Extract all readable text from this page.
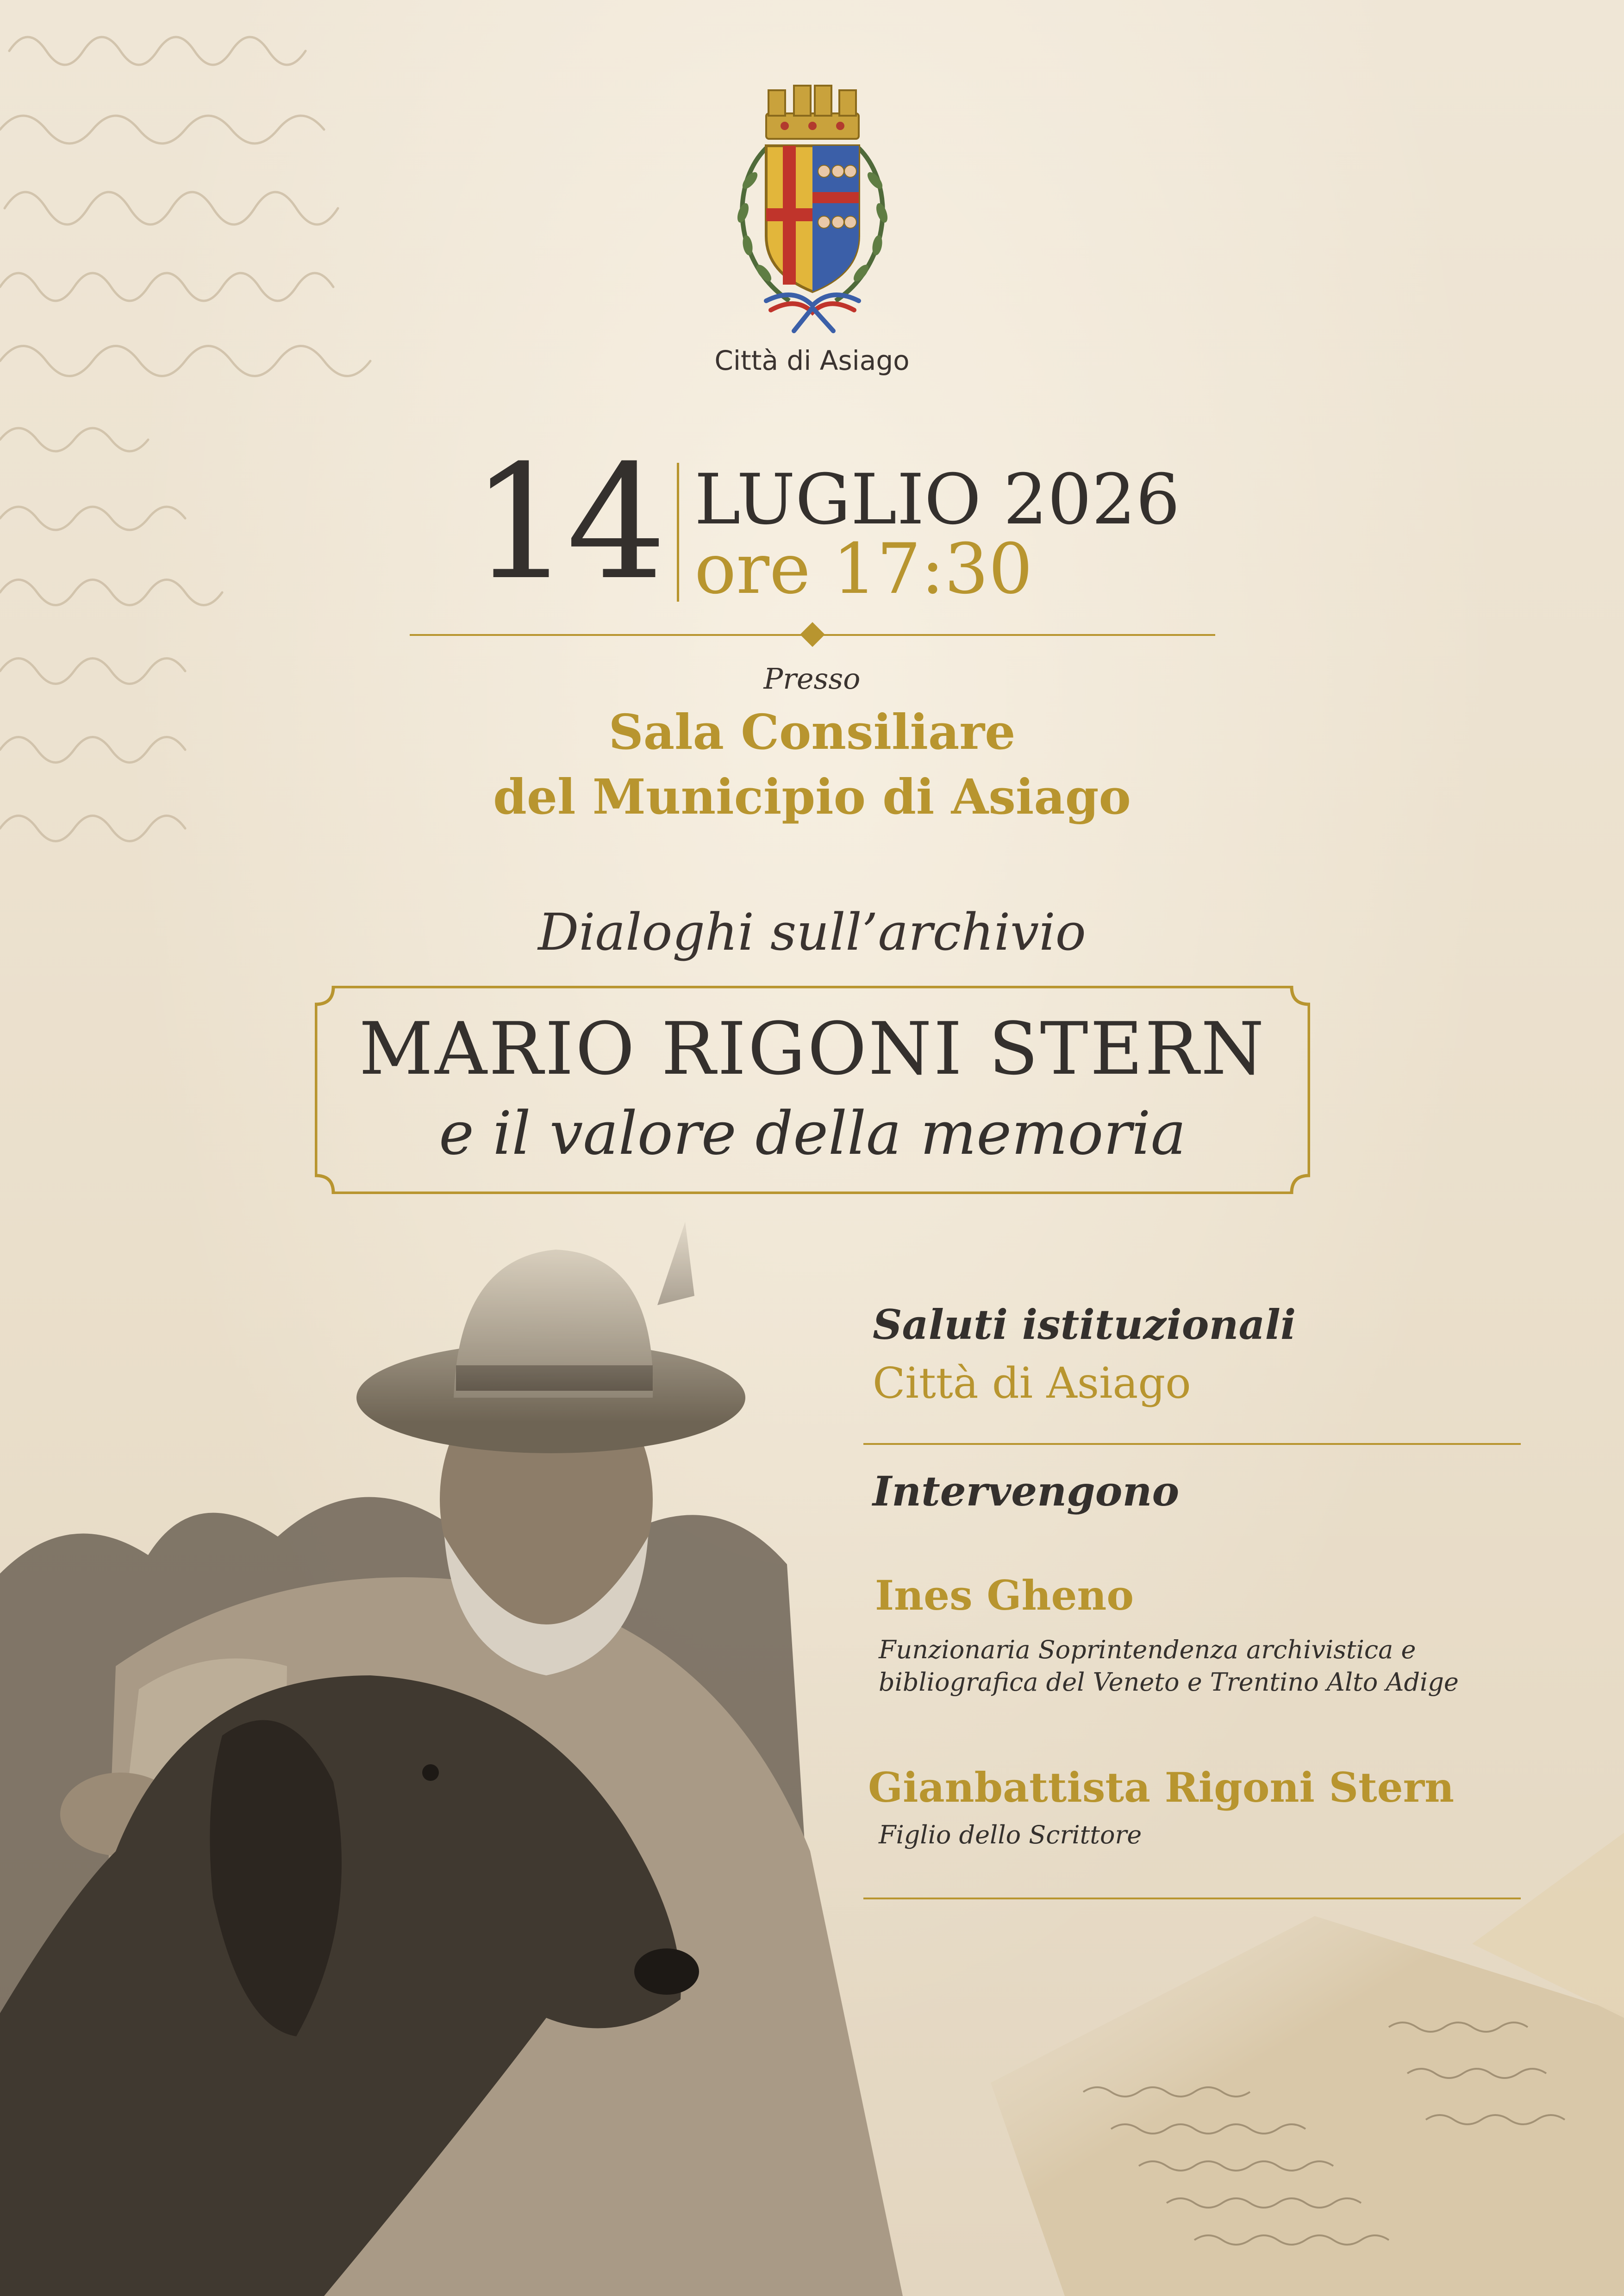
Città di Asiago
14 LUGLIO 2026
ore 17:30
Presso
Sala Consiliare
del Municipio di Asiago
Dialoghi sull’archivio
MARIO RIGONI STERN
e il valore della memoria
Saluti istituzionali
Città di Asiago
Intervengono
Ines Gheno
Funzionaria Soprintendenza archivistica e
bibliografica del Veneto e Trentino Alto Adige
Gianbattista Rigoni Stern
Figlio dello Scrittore
